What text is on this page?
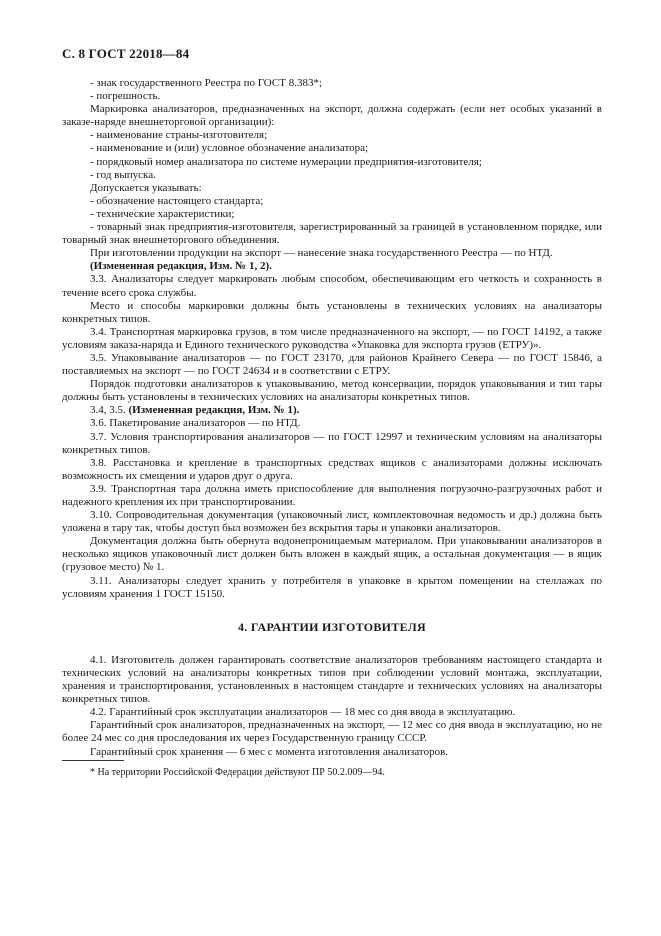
С. 8 ГОСТ 22018—84

- знак государственного Реестра по ГОСТ 8.383*;

- погрешность.

Маркировка анализаторов, предназначенных на экспорт, должна содержать (если нет особых указаний в заказе-наряде внешнеторговой организации):

- наименование страны-изготовителя;

- наименование и (или) условное обозначение анализатора;

- порядковый номер анализатора по системе нумерации предприятия-изготовителя;

- год выпуска.

Допускается указывать:

- обозначение настоящего стандарта;

- технические характеристики;

- товарный знак предприятия-изготовителя, зарегистрированный за границей в установленном порядке, или товарный знак внешнеторгового объединения.

При изготовлении продукции на экспорт — нанесение знака государственного Реестра — по НТД.

(Измененная редакция, Изм. № 1, 2).

3.3. Анализаторы следует маркировать любым способом, обеспечивающим его четкость и сохранность в течение всего срока службы.

Место и способы маркировки должны быть установлены в технических условиях на анализаторы конкретных типов.

3.4. Транспортная маркировка грузов, в том числе предназначенного на экспорт, — по ГОСТ 14192, а также условиям заказа-наряда и Единого технического руководства «Упаковка для экспорта грузов (ЕТРУ)».

3.5. Упаковывание анализаторов — по ГОСТ 23170, для районов Крайнего Севера — по ГОСТ 15846, а поставляемых на экспорт — по ГОСТ 24634 и в соответствии с ЕТРУ.

Порядок подготовки анализаторов к упаковыванию, метод консервации, порядок упаковывания и тип тары должны быть установлены в технических условиях на анализаторы конкретных типов.

3.4, 3.5. (Измененная редакция, Изм. № 1).

3.6. Пакетирование анализаторов — по НТД.

3.7. Условия транспортирования анализаторов — по ГОСТ 12997 и техническим условиям на анализаторы конкретных типов.

3.8. Расстановка и крепление в транспортных средствах ящиков с анализаторами должны исключать возможность их смещения и ударов друг о друга.

3.9. Транспортная тара должна иметь приспособление для выполнения погрузочно-разгрузочных работ и надежного крепления их при транспортировании.

3.10. Сопроводительная документация (упаковочный лист, комплектовочная ведомость и др.) должна быть уложена в тару так, чтобы доступ был возможен без вскрытия тары и упаковки анализаторов.

Документация должна быть обернута водонепроницаемым материалом. При упаковывании анализаторов в несколько ящиков упаковочный лист должен быть вложен в каждый ящик, а остальная документация — в ящик (грузовое место) № 1.

3.11. Анализаторы следует хранить у потребителя в упаковке в крытом помещении на стеллажах по условиям хранения 1 ГОСТ 15150.

4. ГАРАНТИИ ИЗГОТОВИТЕЛЯ

4.1. Изготовитель должен гарантировать соответствие анализаторов требованиям настоящего стандарта и технических условий на анализаторы конкретных типов при соблюдении условий монтажа, эксплуатации, хранения и транспортирования, установленных в настоящем стандарте и технических условиях на анализаторы конкретных типов.

4.2. Гарантийный срок эксплуатации анализаторов — 18 мес со дня ввода в эксплуатацию.

Гарантийный срок анализаторов, предназначенных на экспорт, — 12 мес со дня ввода в эксплуатацию, но не более 24 мес со дня проследования их через Государственную границу СССР.

Гарантийный срок хранения — 6 мес с момента изготовления анализаторов.

* На территории Российской Федерации действуют ПР 50.2.009—94.
